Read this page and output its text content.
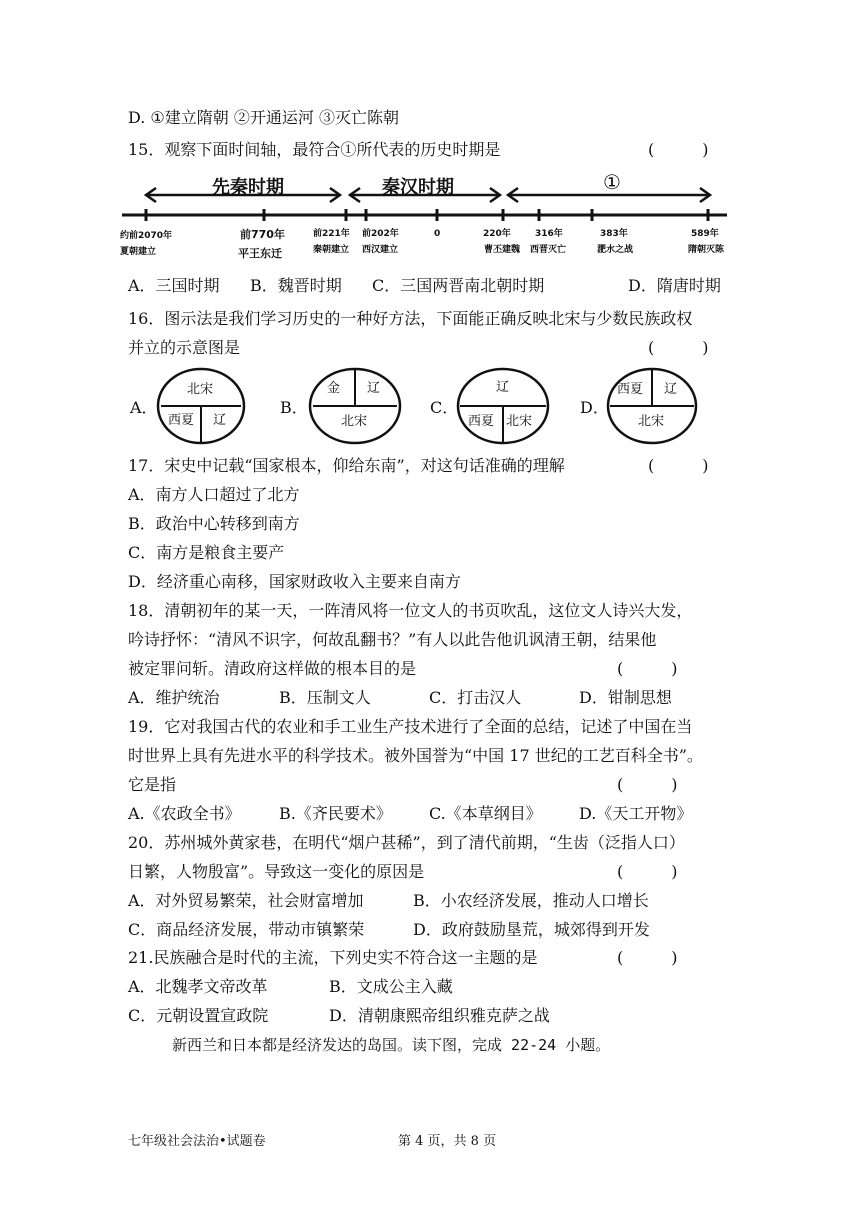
D. ①建立隋朝 ②开通运河 ③灭亡陈朝
15．观察下面时间轴，最符合①所代表的历史时期是	(　　　)
先秦时期	秦汉时期	①
约前2070年
夏朝建立
前770年
平王东迁
前221年
秦朝建立
前202年
西汉建立
0	220年
曹丕建魏
316年
西晋灭亡
383年
淝水之战
589年
隋朝灭陈
A．三国时期 B．魏晋时期 C．三国两晋南北朝时期	D．隋唐时期
16．图示法是我们学习历史的一种好方法，下面能正确反映北宋与少数民族政权
并立的示意图是	(　　　)
A．
北宋
西夏 辽
B．
金 辽
北宋
C．
辽
西夏 北宋
D．
西夏 辽
北宋
17．宋史中记载“国家根本，仰给东南”，对这句话准确的理解	(　　　)
A．南方人口超过了北方
B．政治中心转移到南方
C．南方是粮食主要产
D．经济重心南移，国家财政收入主要来自南方
18．清朝初年的某一天，一阵清风将一位文人的书页吹乱，这位文人诗兴大发，
吟诗抒怀：“清风不识字，何故乱翻书？”有人以此告他讥讽清王朝，结果他
被定罪问斩。清政府这样做的根本目的是	(　　　)
A．维护统治	B．压制文人	C．打击汉人	D．钳制思想
19．它对我国古代的农业和手工业生产技术进行了全面的总结，记述了中国在当
时世界上具有先进水平的科学技术。被外国誉为“中国 17 世纪的工艺百科全书”。
它是指	(　　　)
A.《农政全书》 B.《齐民要术》 C.《本草纲目》 D.《天工开物》
20．苏州城外黄家巷，在明代“烟户甚稀”，到了清代前期，“生齿（泛指人口）
日繁，人物殷富”。导致这一变化的原因是	(　　　)
A．对外贸易繁荣，社会财富增加	B．小农经济发展，推动人口增长
C．商品经济发展，带动市镇繁荣	D．政府鼓励垦荒，城郊得到开发
21.民族融合是时代的主流，下列史实不符合这一主题的是	(　　　)
A．北魏孝文帝改革	B．文成公主入藏
C．元朝设置宣政院	D．清朝康熙帝组织雅克萨之战
新西兰和日本都是经济发达的岛国。读下图，完成 22-24 小题。
七年级社会法治•试题卷	第 4 页，共 8 页
